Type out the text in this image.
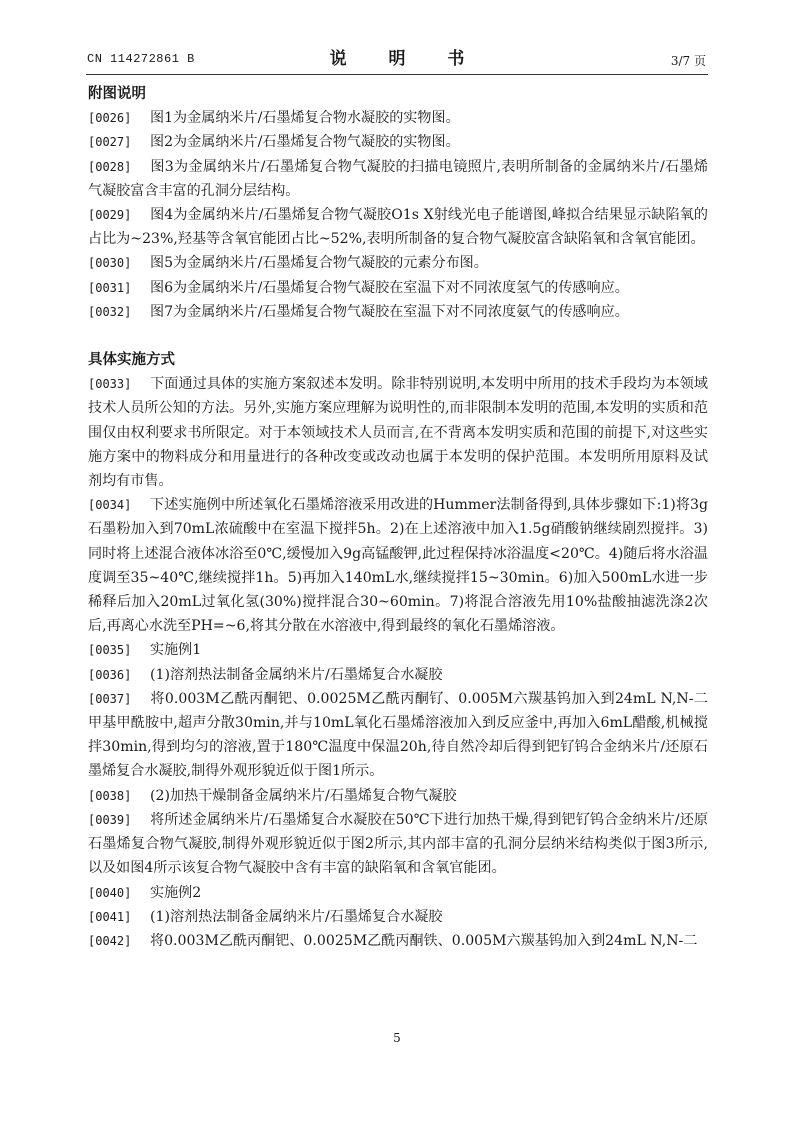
CN 114272861 B	说 明 书	3/7 页
附图说明

[0026] 图1为金属纳米片/石墨烯复合物水凝胶的实物图。

[0027] 图2为金属纳米片/石墨烯复合物气凝胶的实物图。

[0028] 图3为金属纳米片/石墨烯复合物气凝胶的扫描电镜照片,表明所制备的金属纳米片/石墨烯气凝胶富含丰富的孔洞分层结构。

[0029] 图4为金属纳米片/石墨烯复合物气凝胶O1s X射线光电子能谱图,峰拟合结果显示缺陷氧的占比为~23%,羟基等含氧官能团占比~52%,表明所制备的复合物气凝胶富含缺陷氧和含氧官能团。

[0030] 图5为金属纳米片/石墨烯复合物气凝胶的元素分布图。

[0031] 图6为金属纳米片/石墨烯复合物气凝胶在室温下对不同浓度氢气的传感响应。

[0032] 图7为金属纳米片/石墨烯复合物气凝胶在室温下对不同浓度氨气的传感响应。

具体实施方式

[0033] 下面通过具体的实施方案叙述本发明。除非特别说明,本发明中所用的技术手段均为本领域技术人员所公知的方法。另外,实施方案应理解为说明性的,而非限制本发明的范围,本发明的实质和范围仅由权利要求书所限定。对于本领域技术人员而言,在不背离本发明实质和范围的前提下,对这些实施方案中的物料成分和用量进行的各种改变或改动也属于本发明的保护范围。本发明所用原料及试剂均有市售。

[0034] 下述实施例中所述氧化石墨烯溶液采用改进的Hummer法制备得到,具体步骤如下:1)将3g石墨粉加入到70mL浓硫酸中在室温下搅拌5h。2)在上述溶液中加入1.5g硝酸钠继续剧烈搅拌。3)同时将上述混合液体冰浴至0℃,缓慢加入9g高锰酸钾,此过程保持冰浴温度<20℃。4)随后将水浴温度调至35~40℃,继续搅拌1h。5)再加入140mL水,继续搅拌15~30min。6)加入500mL水进一步稀释后加入20mL过氧化氢(30%)搅拌混合30~60min。7)将混合溶液先用10%盐酸抽滤洗涤2次后,再离心水洗至PH=~6,将其分散在水溶液中,得到最终的氧化石墨烯溶液。

[0035] 实施例1

[0036] (1)溶剂热法制备金属纳米片/石墨烯复合水凝胶

[0037] 将0.003M乙酰丙酮钯、0.0025M乙酰丙酮钌、0.005M六羰基钨加入到24mL N,N-二甲基甲酰胺中,超声分散30min,并与10mL氧化石墨烯溶液加入到反应釜中,再加入6mL醋酸,机械搅拌30min,得到均匀的溶液,置于180℃温度中保温20h,待自然冷却后得到钯钌钨合金纳米片/还原石墨烯复合水凝胶,制得外观形貌近似于图1所示。

[0038] (2)加热干燥制备金属纳米片/石墨烯复合物气凝胶

[0039] 将所述金属纳米片/石墨烯复合水凝胶在50℃下进行加热干燥,得到钯钌钨合金纳米片/还原石墨烯复合物气凝胶,制得外观形貌近似于图2所示,其内部丰富的孔洞分层纳米结构类似于图3所示,以及如图4所示该复合物气凝胶中含有丰富的缺陷氧和含氧官能团。

[0040] 实施例2

[0041] (1)溶剂热法制备金属纳米片/石墨烯复合水凝胶

[0042] 将0.003M乙酰丙酮钯、0.0025M乙酰丙酮铁、0.005M六羰基钨加入到24mL N,N-二

5
